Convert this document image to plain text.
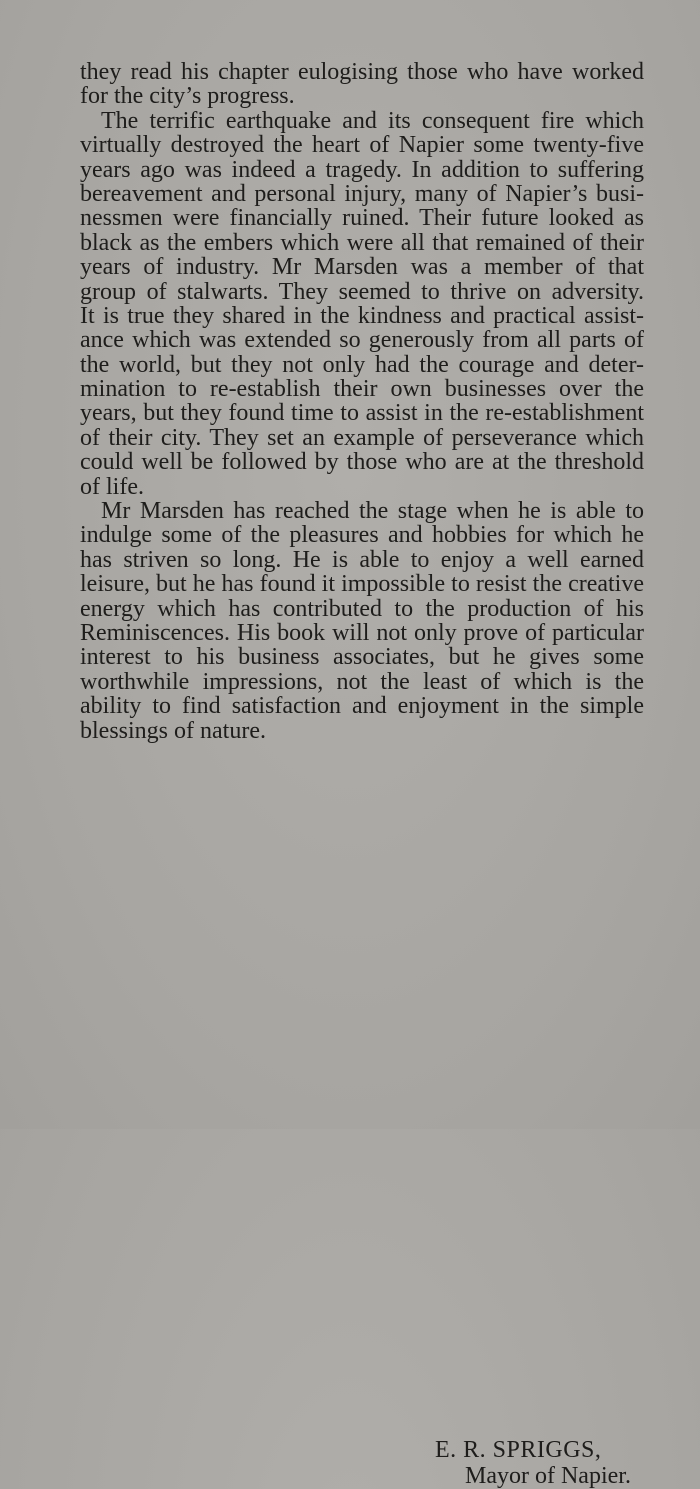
they read his chapter eulogising those who have worked
for the city’s progress.
The terrific earthquake and its consequent fire which
virtually destroyed the heart of Napier some twenty-five
years ago was indeed a tragedy. In addition to suffering
bereavement and personal injury, many of Napier’s busi-
nessmen were financially ruined. Their future looked as
black as the embers which were all that remained of their
years of industry. Mr Marsden was a member of that
group of stalwarts. They seemed to thrive on adversity.
It is true they shared in the kindness and practical assist-
ance which was extended so generously from all parts of
the world, but they not only had the courage and deter-
mination to re-establish their own businesses over the
years, but they found time to assist in the re-establishment
of their city. They set an example of perseverance which
could well be followed by those who are at the threshold
of life.
Mr Marsden has reached the stage when he is able to
indulge some of the pleasures and hobbies for which he
has striven so long. He is able to enjoy a well earned
leisure, but he has found it impossible to resist the creative
energy which has contributed to the production of his
Reminiscences. His book will not only prove of particular
interest to his business associates, but he gives some
worthwhile impressions, not the least of which is the
ability to find satisfaction and enjoyment in the simple
blessings of nature.
E. R. SPRIGGS,
Mayor of Napier.
